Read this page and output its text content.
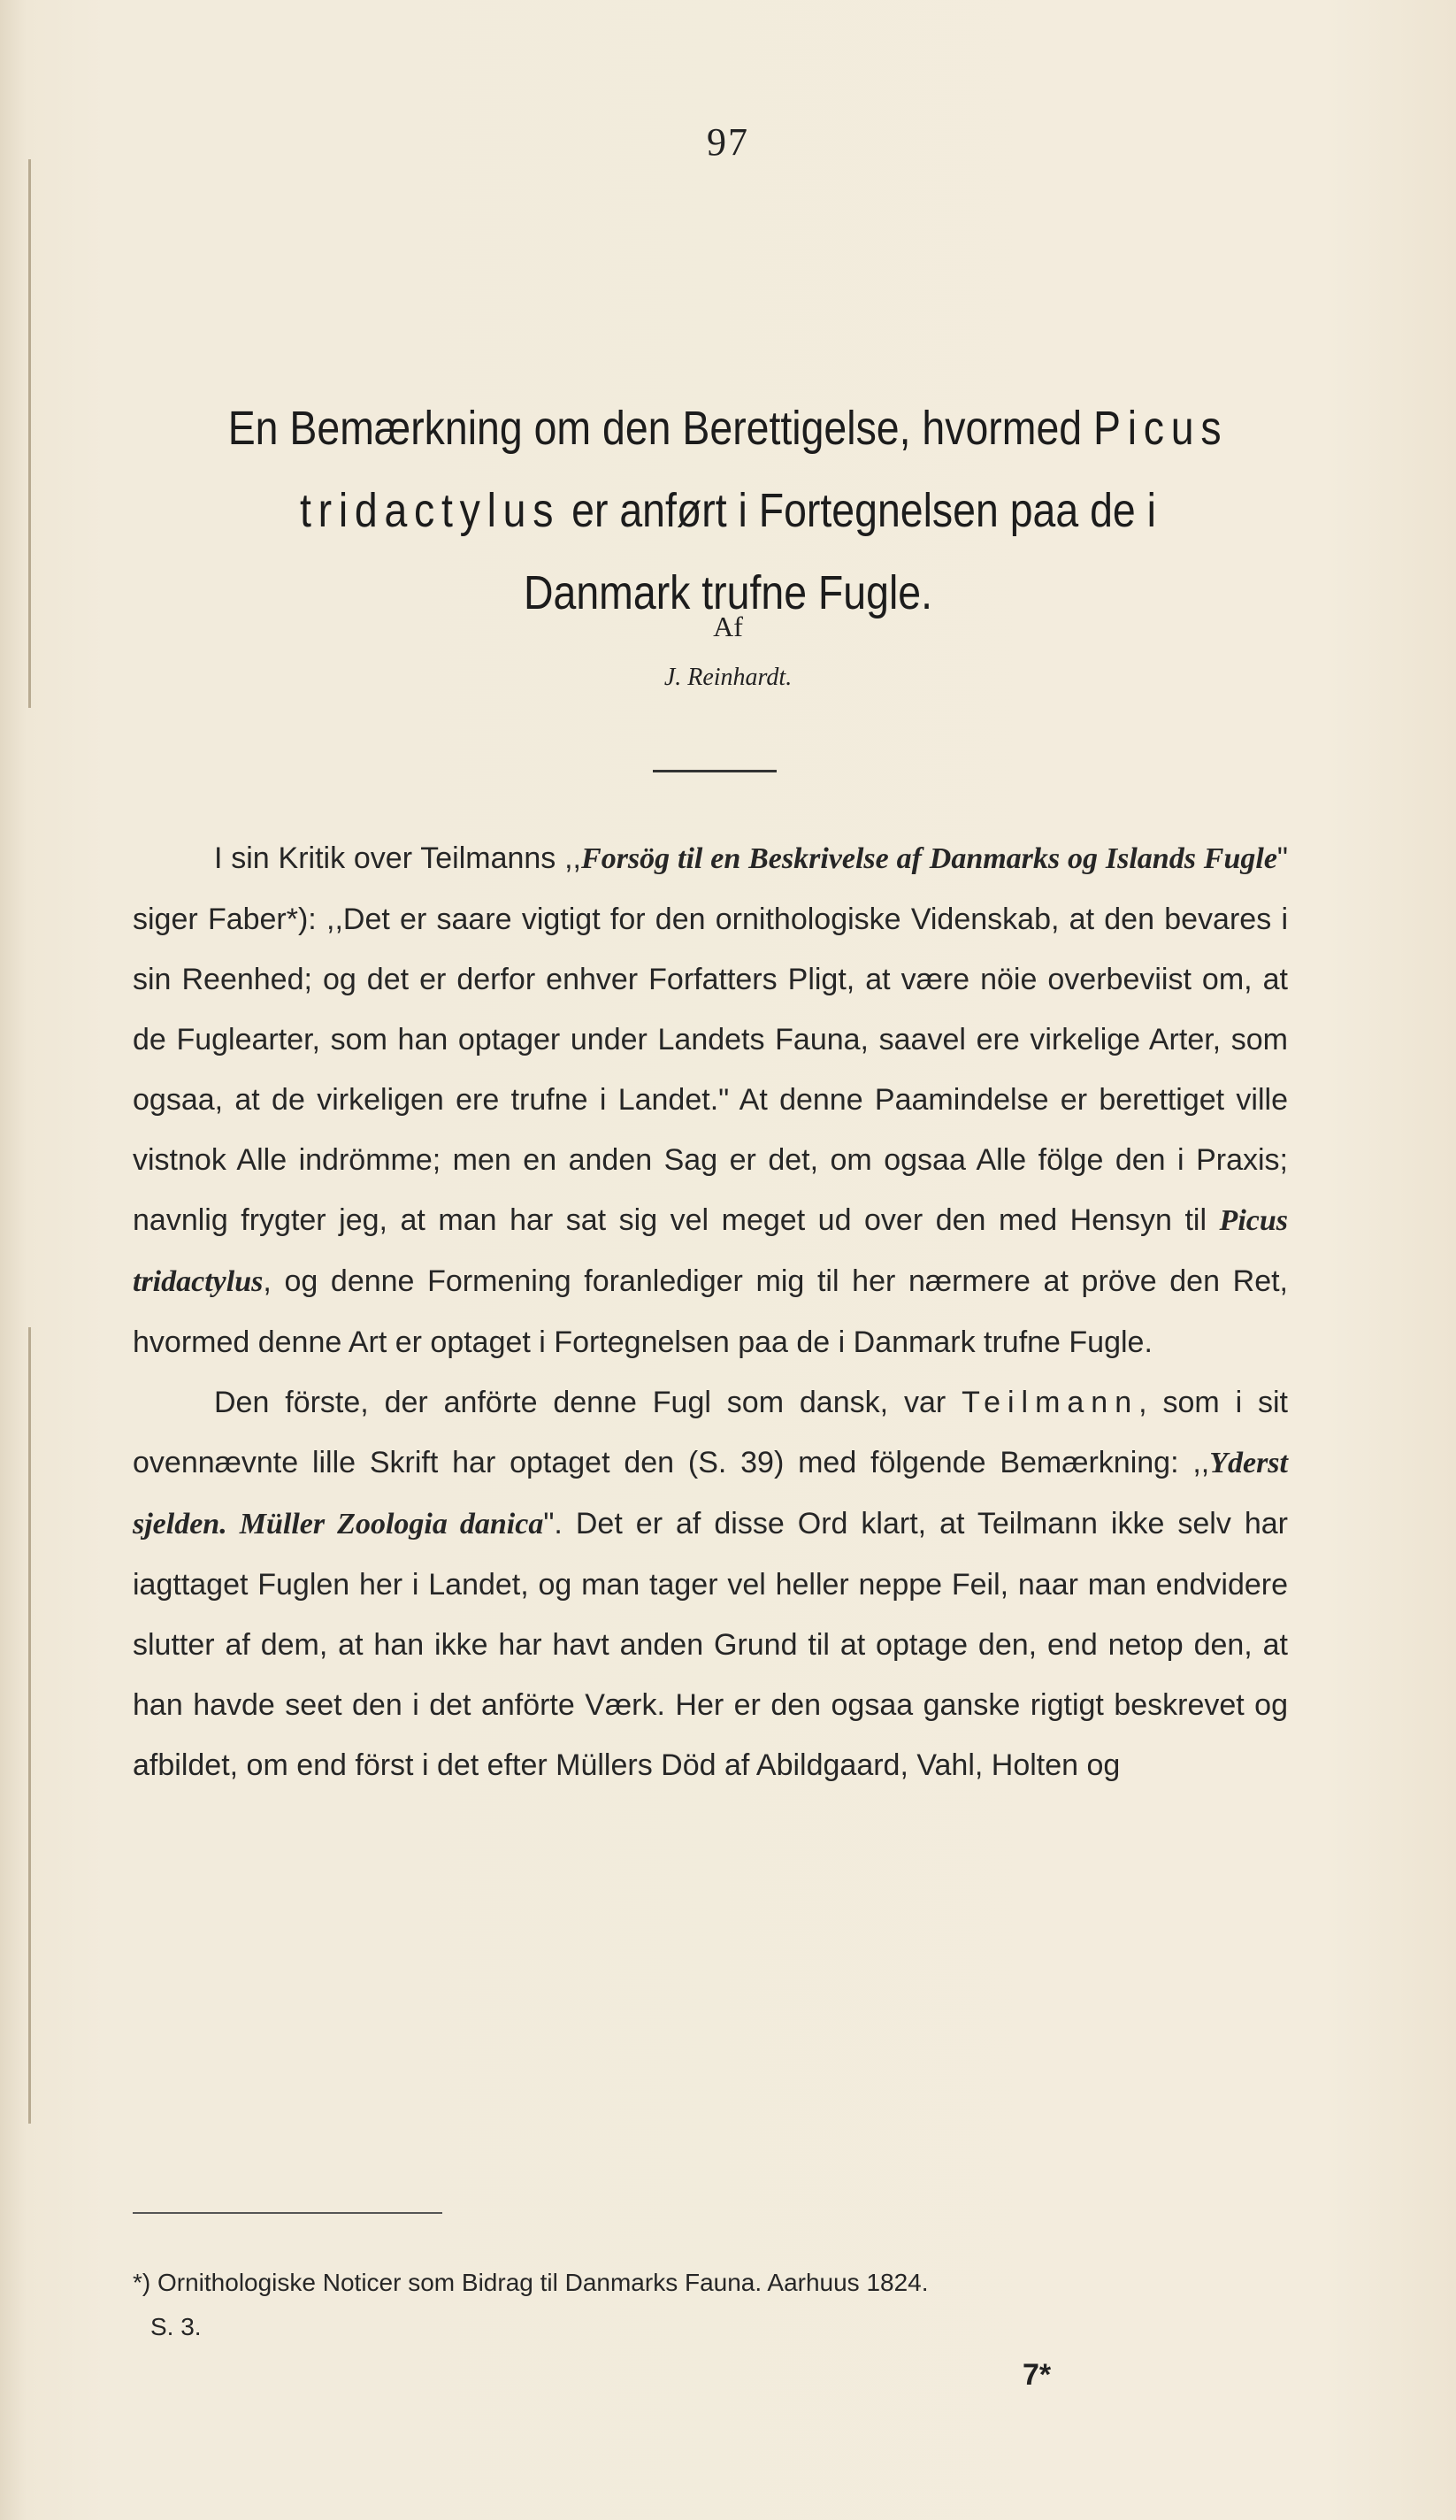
97
En Bemærkning om den Berettigelse, hvormed Picus
tridactylus er anført i Fortegnelsen paa de i
Danmark trufne Fugle.
Af
J. Reinhardt.

I sin Kritik over Teilmanns ,,Forsög til en Beskrivelse af Danmarks og Islands Fugle" siger Faber*): ,,Det er saare vigtigt for den ornithologiske Videnskab, at den bevares i sin Reenhed; og det er derfor enhver Forfatters Pligt, at være nöie overbeviist om, at de Fuglearter, som han optager under Landets Fauna, saavel ere virkelige Arter, som ogsaa, at de virkeligen ere trufne i Landet." At denne Paamindelse er berettiget ville vistnok Alle indrömme; men en anden Sag er det, om ogsaa Alle fölge den i Praxis; navnlig frygter jeg, at man har sat sig vel meget ud over den med Hensyn til Picus tridactylus, og denne Formening foranlediger mig til her nærmere at pröve den Ret, hvormed denne Art er optaget i Fortegnelsen paa de i Danmark trufne Fugle.

Den förste, der anförte denne Fugl som dansk, var Teilmann, som i sit ovennævnte lille Skrift har optaget den (S. 39) med fölgende Bemærkning: ,,Yderst sjelden. Müller Zoologia danica". Det er af disse Ord klart, at Teilmann ikke selv har iagttaget Fuglen her i Landet, og man tager vel heller neppe Feil, naar man endvidere slutter af dem, at han ikke har havt anden Grund til at optage den, end netop den, at han havde seet den i det anförte Værk. Her er den ogsaa ganske rigtigt beskrevet og afbildet, om end först i det efter Müllers Död af Abildgaard, Vahl, Holten og

*) Ornithologiske Noticer som Bidrag til Danmarks Fauna. Aarhuus 1824.
S. 3.
7*
